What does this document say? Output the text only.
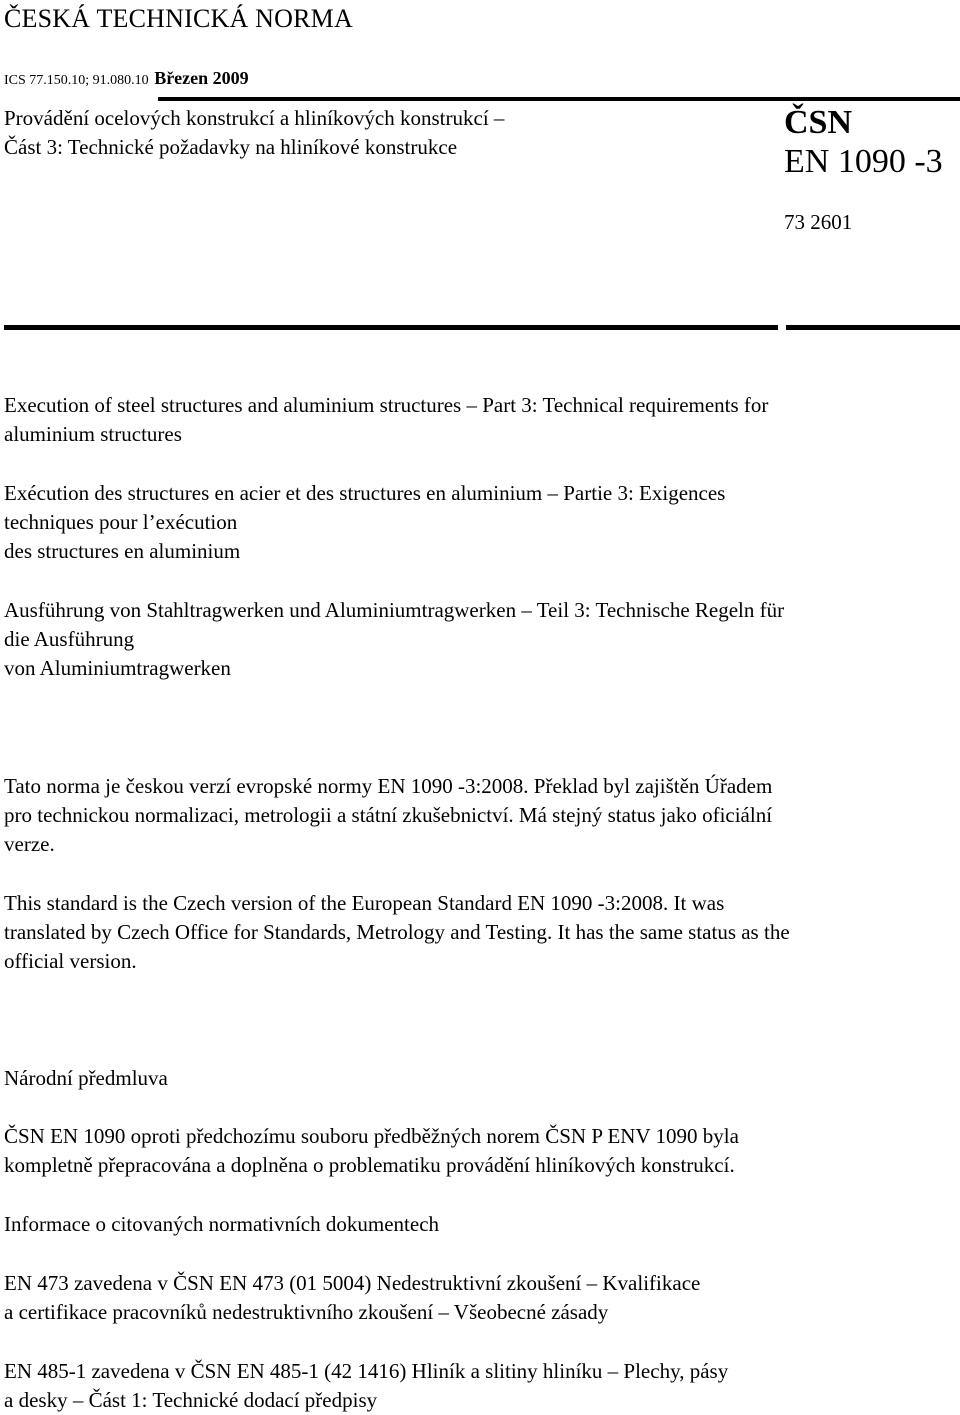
ČESKÁ TECHNICKÁ NORMA
ICS 77.150.10; 91.080.10 Březen 2009
Provádění ocelových konstrukcí a hliníkových konstrukcí –
Část 3: Technické požadavky na hliníkové konstrukce
ČSN
EN 1090 -3
73 2601
Execution of steel structures and aluminium structures – Part 3: Technical requirements for
aluminium structures
Exécution des structures en acier et des structures en aluminium – Partie 3: Exigences
techniques pour l’exécution
des structures en aluminium
Ausführung von Stahltragwerken und Aluminiumtragwerken – Teil 3: Technische Regeln für
die Ausführung
von Aluminiumtragwerken
Tato norma je českou verzí evropské normy EN 1090 -3:2008. Překlad byl zajištěn Úřadem
pro technickou normalizaci, metrologii a státní zkušebnictví. Má stejný status jako oficiální
verze.
This standard is the Czech version of the European Standard EN 1090 -3:2008. It was
translated by Czech Office for Standards, Metrology and Testing. It has the same status as the
official version.
Národní předmluva
ČSN EN 1090 oproti předchozímu souboru předběžných norem ČSN P ENV 1090 byla
kompletně přepracována a doplněna o problematiku provádění hliníkových konstrukcí.
Informace o citovaných normativních dokumentech
EN 473 zavedena v ČSN EN 473 (01 5004) Nedestruktivní zkoušení – Kvalifikace
a certifikace pracovníků nedestruktivního zkoušení – Všeobecné zásady
EN 485-1 zavedena v ČSN EN 485-1 (42 1416) Hliník a slitiny hliníku – Plechy, pásy
a desky – Část 1: Technické dodací předpisy
